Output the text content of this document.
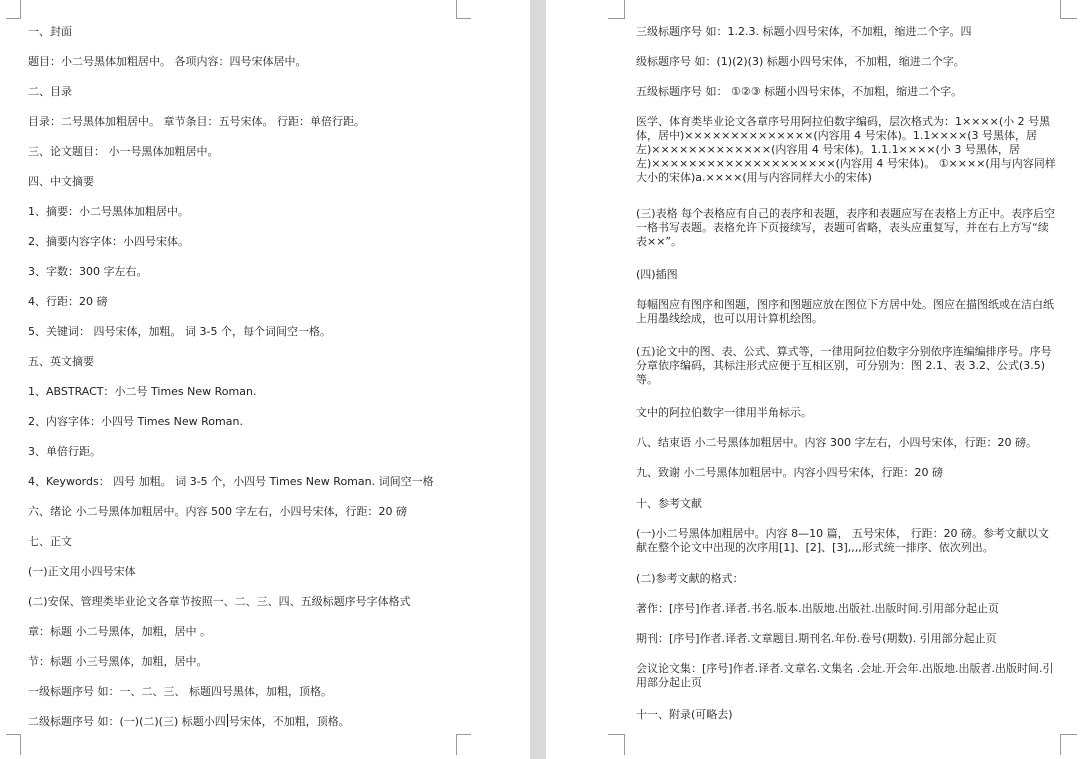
一、封面
题目：小二号黑体加粗居中。 各项内容：四号宋体居中。
二、目录
目录：二号黑体加粗居中。 章节条目：五号宋体。 行距：单倍行距。
三、论文题目： 小一号黑体加粗居中。
四、中文摘要
1、摘要：小二号黑体加粗居中。
2、摘要内容字体：小四号宋体。
3、字数：300 字左右。
4、行距：20 磅
5、关键词： 四号宋体，加粗。 词 3-5 个，每个词间空一格。
五、英文摘要
1、ABSTRACT：小二号 Times New Roman.
2、内容字体：小四号 Times New Roman.
3、单倍行距。
4、Keywords： 四号 加粗。 词 3-5 个，小四号 Times New Roman. 词间空一格
六、绪论 小二号黑体加粗居中。内容 500 字左右，小四号宋体，行距：20 磅
七、正文
(一)正文用小四号宋体
(二)安保、管理类毕业论文各章节按照一、二、三、四、五级标题序号字体格式
章：标题 小二号黑体，加粗，居中 。
节：标题 小三号黑体，加粗，居中。
一级标题序号 如：一、二、三、 标题四号黑体，加粗，顶格。
二级标题序号 如：(一)(二)(三) 标题小四 号宋体，不加粗，顶格。
三级标题序号 如：1.2.3. 标题小四号宋体，不加粗，缩进二个字。四
级标题序号 如：(1)(2)(3) 标题小四号宋体，不加粗，缩进二个字。
五级标题序号 如： ①②③ 标题小四号宋体，不加粗，缩进二个字。
医学、体育类毕业论文各章序号用阿拉伯数字编码，层次格式为：1××××(小 2 号黑体，居中)××××××××××××××(内容用 4 号宋体)。1.1××××(3 号黑体，居左)×××××××××××××(内容用 4 号宋体)。1.1.1××××(小 3 号黑体，居左)××××××××××××××××××××(内容用 4 号宋体)。 ①××××(用与内容同样大小的宋体)a.××××(用与内容同样大小的宋体)
(三)表格 每个表格应有自己的表序和表题，表序和表题应写在表格上方正中。表序后空一格书写表题。表格允许下页接续写，表题可省略，表头应重复写，并在右上方写“续表××”。
(四)插图
每幅图应有图序和图题，图序和图题应放在图位下方居中处。图应在描图纸或在洁白纸上用墨线绘成，也可以用计算机绘图。
(五)论文中的图、表、公式、算式等，一律用阿拉伯数字分别依序连编编排序号。序号分章依序编码，其标注形式应便于互相区别，可分别为：图 2.1、表 3.2、公式(3.5)等。
文中的阿拉伯数字一律用半角标示。
八、结束语 小二号黑体加粗居中。内容 300 字左右，小四号宋体，行距：20 磅。
九、致谢 小二号黑体加粗居中。内容小四号宋体，行距：20 磅
十、参考文献
(一)小二号黑体加粗居中。内容 8—10 篇， 五号宋体， 行距：20 磅。参考文献以文献在整个论文中出现的次序用[1]、[2]、[3],,,,形式统一排序、依次列出。
(二)参考文献的格式：
著作：[序号]作者.译者.书名.版本.出版地.出版社.出版时间.引用部分起止页
期刊：[序号]作者.译者.文章题目.期刊名.年份.卷号(期数). 引用部分起止页
会议论文集：[序号]作者.译者.文章名.文集名 .会址.开会年.出版地.出版者.出版时间.引用部分起止页
十一、附录(可略去)
